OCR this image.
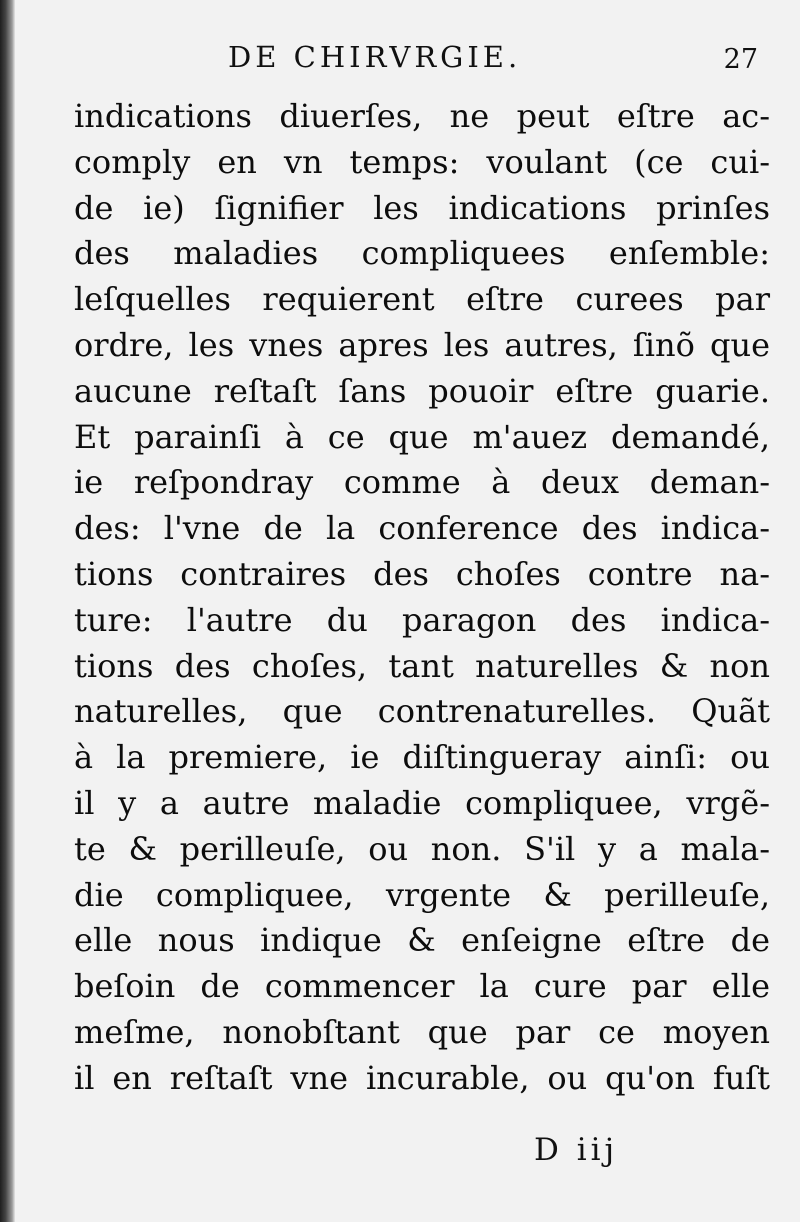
DE CHIRVRGIE.	27
indications diuerſes, ne peut eſtre ac-
comply en vn temps: voulant (ce cui-
de ie) ſignifier les indications prinſes
des maladies compliquees enſemble:
leſquelles requierent eſtre curees par
ordre, les vnes apres les autres, ſinõ que
aucune reſtaſt ſans pouoir eſtre guarie.
Et parainſi à ce que m'auez demandé,
ie reſpondray comme à deux deman-
des: l'vne de la conference des indica-
tions contraires des choſes contre na-
ture: l'autre du paragon des indica-
tions des choſes, tant naturelles & non
naturelles, que contrenaturelles. Quãt
à la premiere, ie diſtingueray ainſi: ou
il y a autre maladie compliquee, vrgẽ-
te & perilleuſe, ou non. S'il y a mala-
die compliquee, vrgente & perilleuſe,
elle nous indique & enſeigne eſtre de
beſoin de commencer la cure par elle
meſme, nonobſtant que par ce moyen
il en reſtaſt vne incurable, ou qu'on fuſt
D iij
